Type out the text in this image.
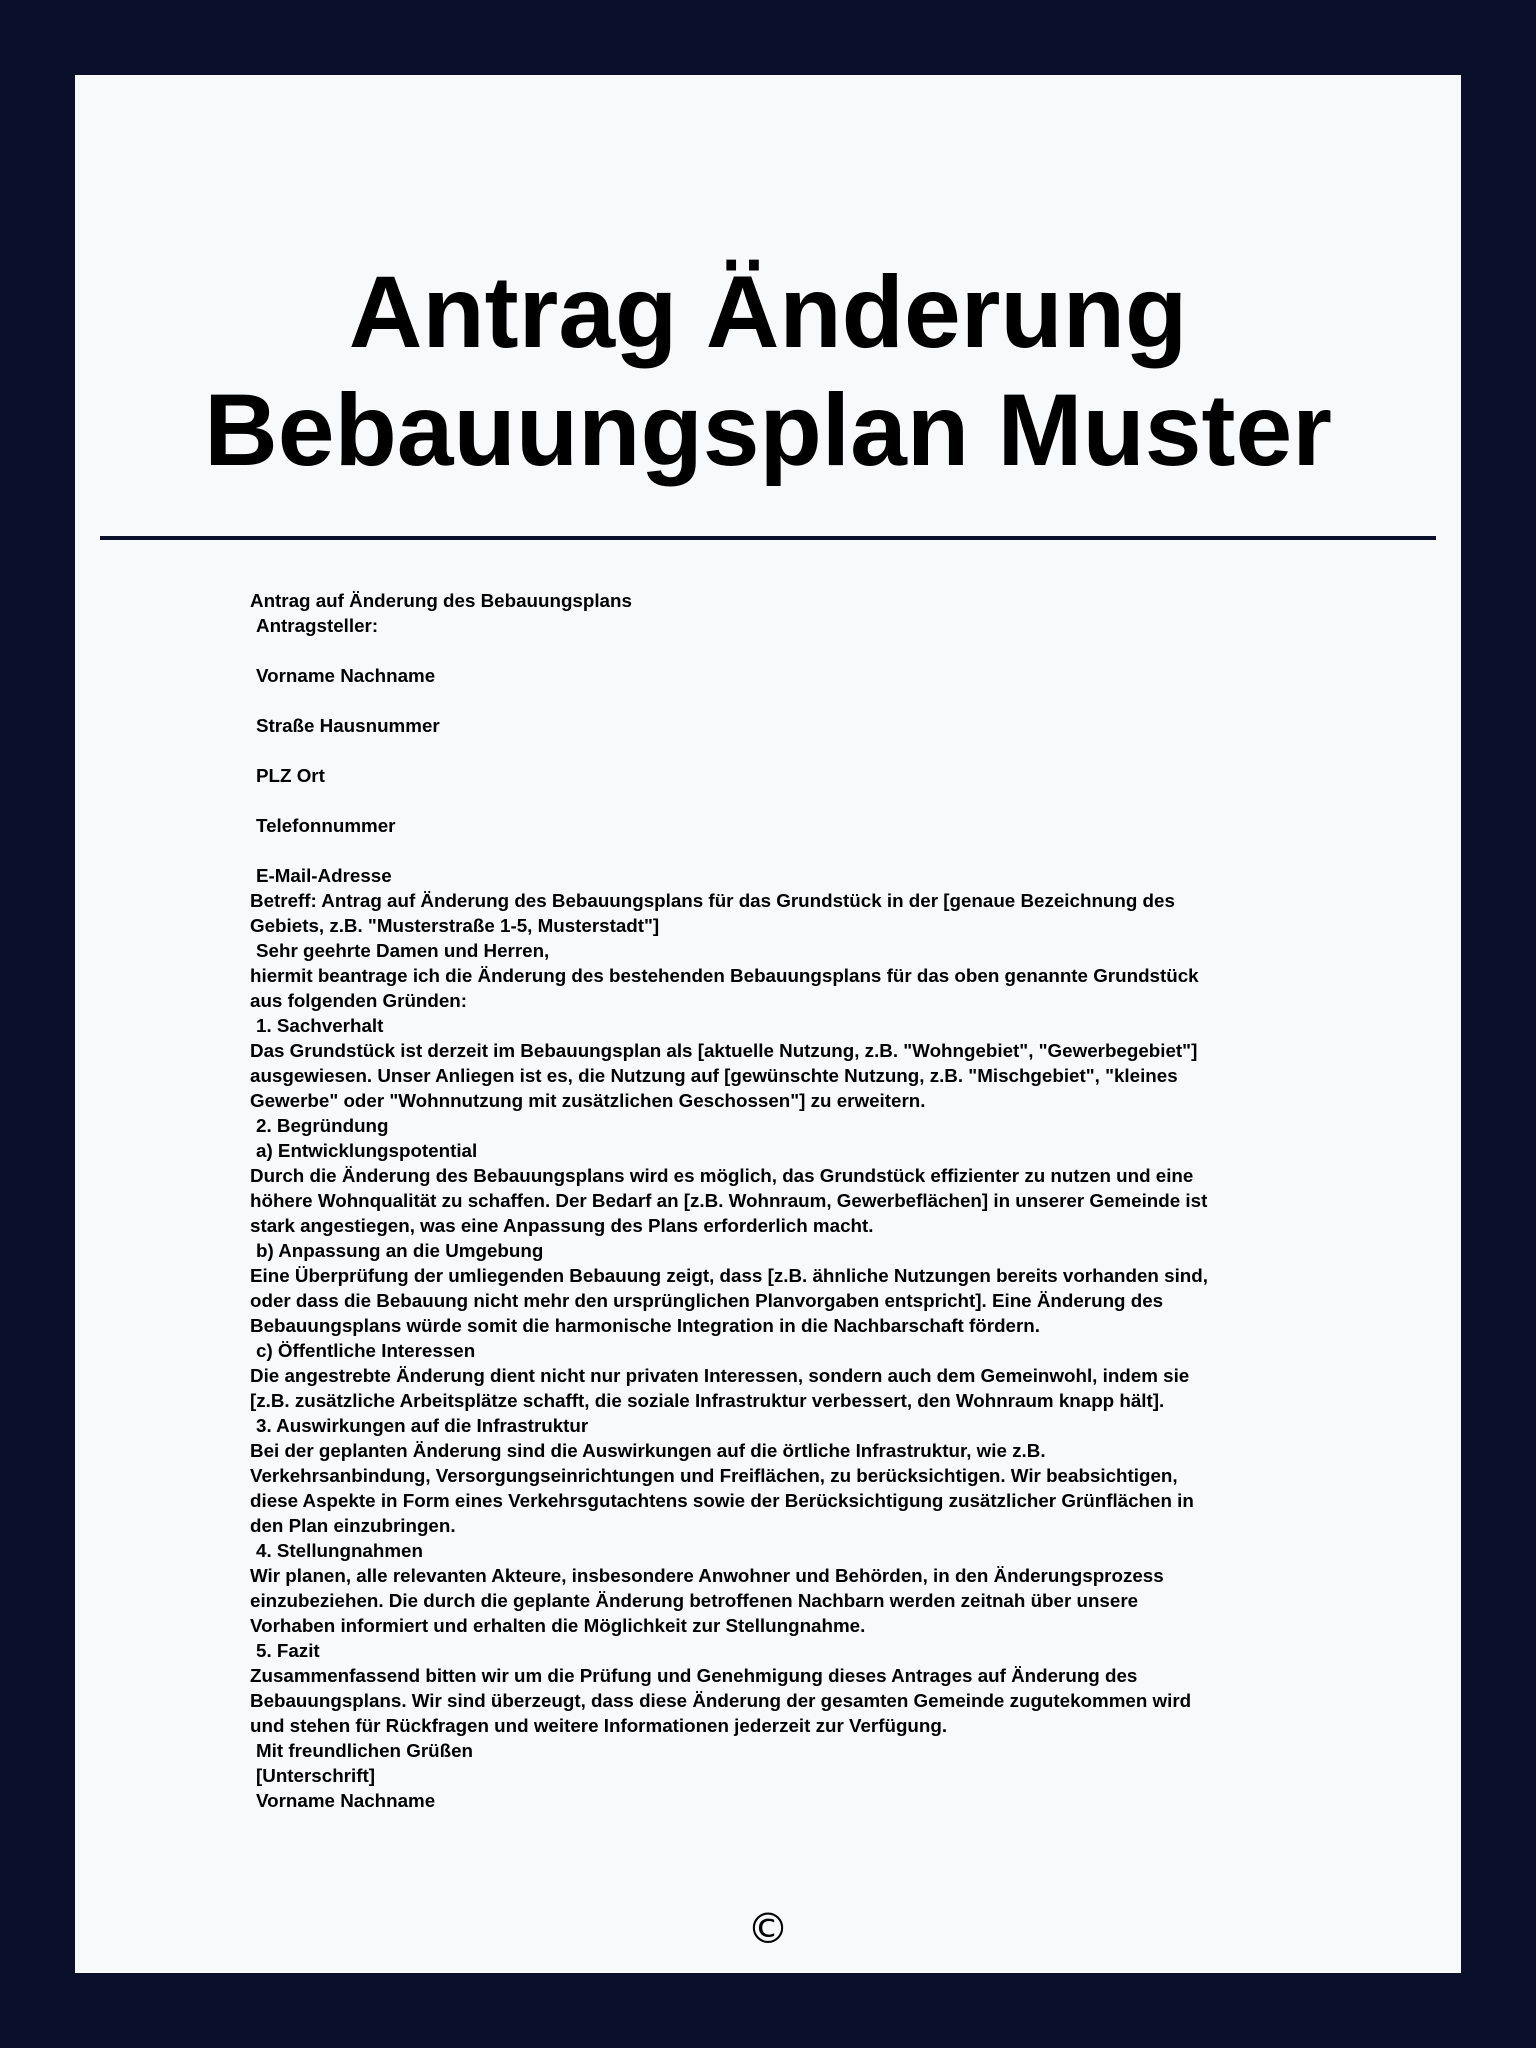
Antrag Änderung
Bebauungsplan Muster
Antrag auf Änderung des Bebauungsplans
Antragsteller:
Vorname Nachname
Straße Hausnummer
PLZ Ort
Telefonnummer
E-Mail-Adresse
Betreff: Antrag auf Änderung des Bebauungsplans für das Grundstück in der [genaue Bezeichnung des
Gebiets, z.B. "Musterstraße 1-5, Musterstadt"]
Sehr geehrte Damen und Herren,
hiermit beantrage ich die Änderung des bestehenden Bebauungsplans für das oben genannte Grundstück
aus folgenden Gründen:
1. Sachverhalt
Das Grundstück ist derzeit im Bebauungsplan als [aktuelle Nutzung, z.B. "Wohngebiet", "Gewerbegebiet"]
ausgewiesen. Unser Anliegen ist es, die Nutzung auf [gewünschte Nutzung, z.B. "Mischgebiet", "kleines
Gewerbe" oder "Wohnnutzung mit zusätzlichen Geschossen"] zu erweitern.
2. Begründung
a) Entwicklungspotential
Durch die Änderung des Bebauungsplans wird es möglich, das Grundstück effizienter zu nutzen und eine
höhere Wohnqualität zu schaffen. Der Bedarf an [z.B. Wohnraum, Gewerbeflächen] in unserer Gemeinde ist
stark angestiegen, was eine Anpassung des Plans erforderlich macht.
b) Anpassung an die Umgebung
Eine Überprüfung der umliegenden Bebauung zeigt, dass [z.B. ähnliche Nutzungen bereits vorhanden sind,
oder dass die Bebauung nicht mehr den ursprünglichen Planvorgaben entspricht]. Eine Änderung des
Bebauungsplans würde somit die harmonische Integration in die Nachbarschaft fördern.
c) Öffentliche Interessen
Die angestrebte Änderung dient nicht nur privaten Interessen, sondern auch dem Gemeinwohl, indem sie
[z.B. zusätzliche Arbeitsplätze schafft, die soziale Infrastruktur verbessert, den Wohnraum knapp hält].
3. Auswirkungen auf die Infrastruktur
Bei der geplanten Änderung sind die Auswirkungen auf die örtliche Infrastruktur, wie z.B.
Verkehrsanbindung, Versorgungseinrichtungen und Freiflächen, zu berücksichtigen. Wir beabsichtigen,
diese Aspekte in Form eines Verkehrsgutachtens sowie der Berücksichtigung zusätzlicher Grünflächen in
den Plan einzubringen.
4. Stellungnahmen
Wir planen, alle relevanten Akteure, insbesondere Anwohner und Behörden, in den Änderungsprozess
einzubeziehen. Die durch die geplante Änderung betroffenen Nachbarn werden zeitnah über unsere
Vorhaben informiert und erhalten die Möglichkeit zur Stellungnahme.
5. Fazit
Zusammenfassend bitten wir um die Prüfung und Genehmigung dieses Antrages auf Änderung des
Bebauungsplans. Wir sind überzeugt, dass diese Änderung der gesamten Gemeinde zugutekommen wird
und stehen für Rückfragen und weitere Informationen jederzeit zur Verfügung.
Mit freundlichen Grüßen
[Unterschrift]
Vorname Nachname
©
